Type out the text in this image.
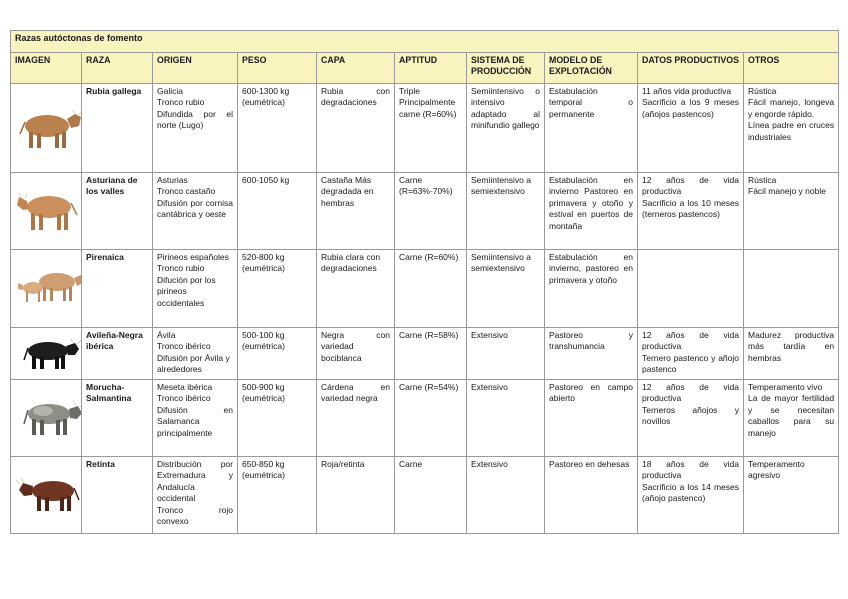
Razas autóctonas de fomento									
IMAGEN	RAZA	ORIGEN	PESO	CAPA	APTITUD	SISTEMA DE PRODUCCIÓN	MODELO DE EXPLOTACIÓN	DATOS PRODUCTIVOS	OTROS

	Rubia gallega	Galicia
Tronco rubio
Difundida por el norte (Lugo)	600-1300 kg (eumétrica)	Rubia con degradaciones	Triple Principalmente carne (R=60%)	Semiintensivo o intensivo adaptado al minifundio gallego	Estabulación temporal o permanente	11 años vida productiva
Sacrificio a los 9 meses (añojos pastencos)	Rústica
Fácil manejo, longeva y engorde rápido.
Línea padre en cruces industriales

	Asturiana de los valles	Asturias
Tronco castaño
Difusión por cornisa cantábrica y oeste	600-1050 kg	Castaña Más degradada en hembras	Carne (R=63%-70%)	Semiintensivo a semiextensivo	Estabulación en invierno Pastoreo en primavera y otoño y estival en puertos de montaña	12 años de vida productiva
Sacrificio a los 10 meses (terneros pastencos)	Rústica
Fácil manejo y noble

	Pirenaica	Pirineos españoles
Tronco rubio
Difución por los pirineos occidentales	520-800 kg (eumétrica)	Rubia clara con degradaciones	Carne (R=60%)	Semiintensivo a semiextensivo	Estabulación en invierno, pastoreo en primavera y otoño		

	Avileña-Negra ibérica	Ávila
Tronco ibérico
Difusión por Ávila y alrededores	500-100 kg (eumétrica)	Negra con variedad bociblanca	Carne (R=58%)	Extensivo	Pastoreo y transhumancia	12 años de vida productiva
Ternero pastenco y añojo pastenco	Madurez productiva más tardía en hembras

	Morucha-Salmantina	Meseta ibérica
Tronco ibérico
Difusión en Salamanca principalmente	500-900 kg (eumétrica)	Cárdena en variedad negra	Carne (R=54%)	Extensivo	Pastoreo en campo abierto	12 años de vida productiva
Terneros añojos y novillos	Temperamento vivo
La de mayor fertilidad y se necesitan caballos para su manejo

	Retinta	Distribución por Extremadura y Andalucía occidental
Tronco rojo convexo	650-850 kg (eumétrica)	Roja/retinta	Carne	Extensivo	Pastoreo en dehesas	18 años de vida productiva
Sacrificio a los 14 meses (añojo pastenco)	Temperamento agresivo
